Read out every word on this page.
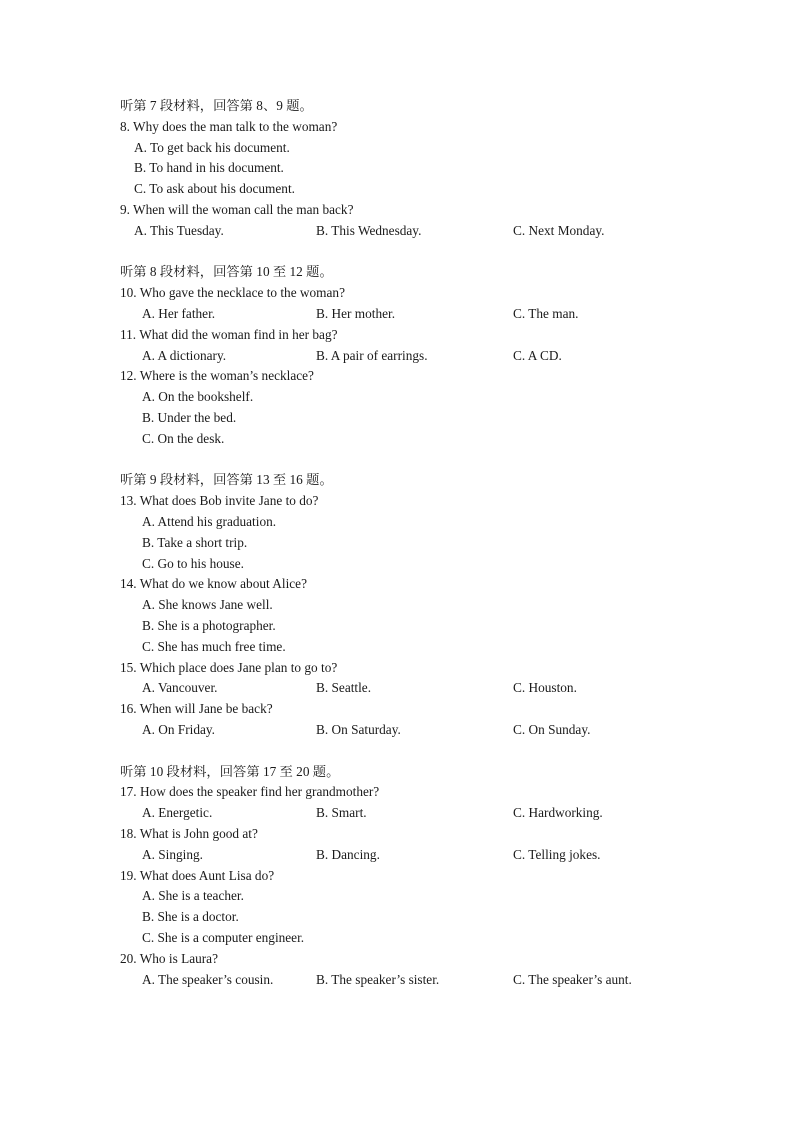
听第 7 段材料，回答第 8、9 题。
8. Why does the man talk to the woman?
A. To get back his document.
B. To hand in his document.
C. To ask about his document.
9. When will the woman call the man back?
A. This Tuesday.	B. This Wednesday.	C. Next Monday.
听第 8 段材料，回答第 10 至 12 题。
10. Who gave the necklace to the woman?
A. Her father.	B. Her mother.	C. The man.
11. What did the woman find in her bag?
A. A dictionary.	B. A pair of earrings.	C. A CD.
12. Where is the woman’s necklace?
A. On the bookshelf.
B. Under the bed.
C. On the desk.
听第 9 段材料，回答第 13 至 16 题。
13. What does Bob invite Jane to do?
A. Attend his graduation.
B. Take a short trip.
C. Go to his house.
14. What do we know about Alice?
A. She knows Jane well.
B. She is a photographer.
C. She has much free time.
15. Which place does Jane plan to go to?
A. Vancouver.	B. Seattle.	C. Houston.
16. When will Jane be back?
A. On Friday.	B. On Saturday.	C. On Sunday.
听第 10 段材料，回答第 17 至 20 题。
17. How does the speaker find her grandmother?
A. Energetic.	B. Smart.	C. Hardworking.
18. What is John good at?
A. Singing.	B. Dancing.	C. Telling jokes.
19. What does Aunt Lisa do?
A. She is a teacher.
B. She is a doctor.
C. She is a computer engineer.
20. Who is Laura?
A. The speaker’s cousin.	B. The speaker’s sister.	C. The speaker’s aunt.
